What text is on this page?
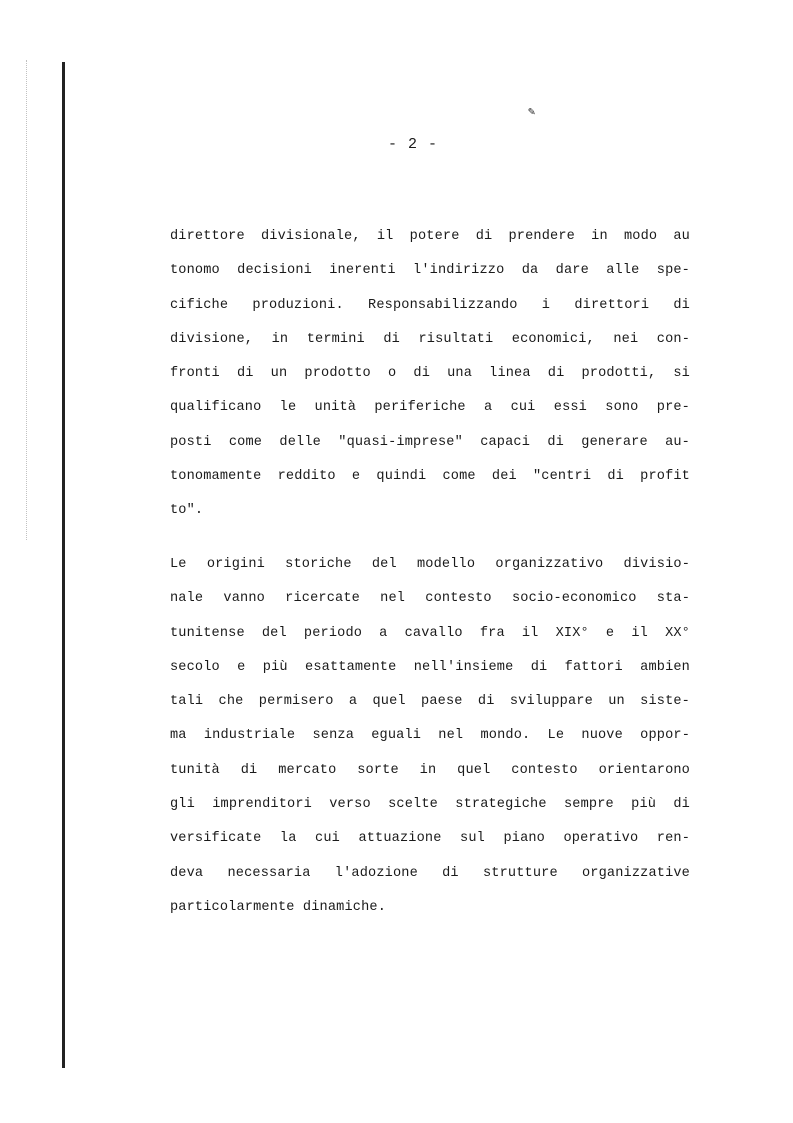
✎
- 2 -
direttore divisionale, il potere di prendere in modo au
tonomo decisioni inerenti l'indirizzo da dare alle spe-
cifiche produzioni. Responsabilizzando i direttori di
divisione, in termini di risultati economici, nei con-
fronti di un prodotto o di una linea di prodotti, si
qualificano le unità periferiche a cui essi sono pre-
posti come delle "quasi-imprese" capaci di generare au-
tonomamente reddito e quindi come dei "centri di profit
to".
Le origini storiche del modello organizzativo divisio-
nale vanno ricercate nel contesto socio-economico sta-
tunitense del periodo a cavallo fra il XIX° e il XX°
secolo e più esattamente nell'insieme di fattori ambien
tali che permisero a quel paese di sviluppare un siste-
ma industriale senza eguali nel mondo. Le nuove oppor-
tunità di mercato sorte in quel contesto orientarono
gli imprenditori verso scelte strategiche sempre più di
versificate la cui attuazione sul piano operativo ren-
deva necessaria l'adozione di strutture organizzative
particolarmente dinamiche.
